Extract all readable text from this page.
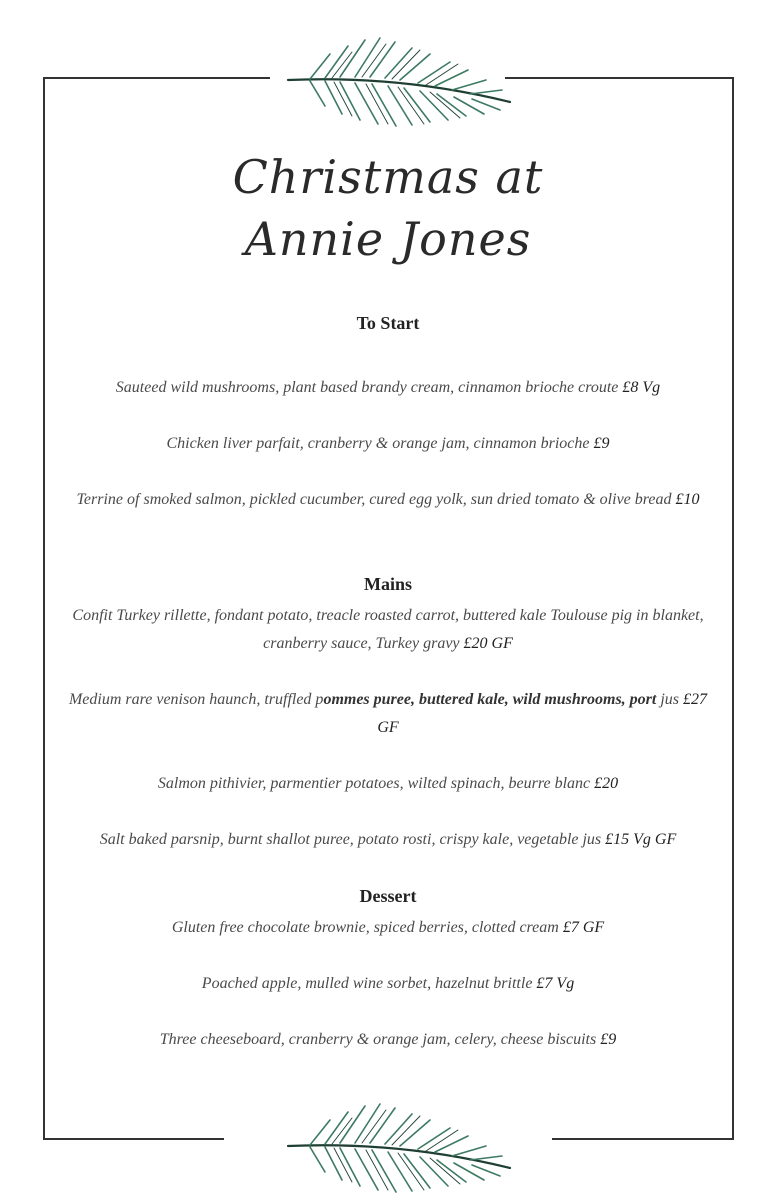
Christmas at
Annie Jones
To Start

Sauteed wild mushrooms, plant based brandy cream, cinnamon brioche croute £8 Vg

Chicken liver parfait, cranberry & orange jam, cinnamon brioche £9

Terrine of smoked salmon, pickled cucumber, cured egg yolk, sun dried tomato & olive bread £10

Mains

Confit Turkey rillette, fondant potato, treacle roasted carrot, buttered kale Toulouse pig in blanket, cranberry sauce, Turkey gravy £20 GF

Medium rare venison haunch, truffled pommes puree, buttered kale, wild mushrooms, port jus £27 GF

Salmon pithivier, parmentier potatoes, wilted spinach, beurre blanc £20

Salt baked parsnip, burnt shallot puree, potato rosti, crispy kale, vegetable jus £15 Vg GF

Dessert

Gluten free chocolate brownie, spiced berries, clotted cream £7 GF

Poached apple, mulled wine sorbet, hazelnut brittle £7 Vg

Three cheeseboard, cranberry & orange jam, celery, cheese biscuits £9
